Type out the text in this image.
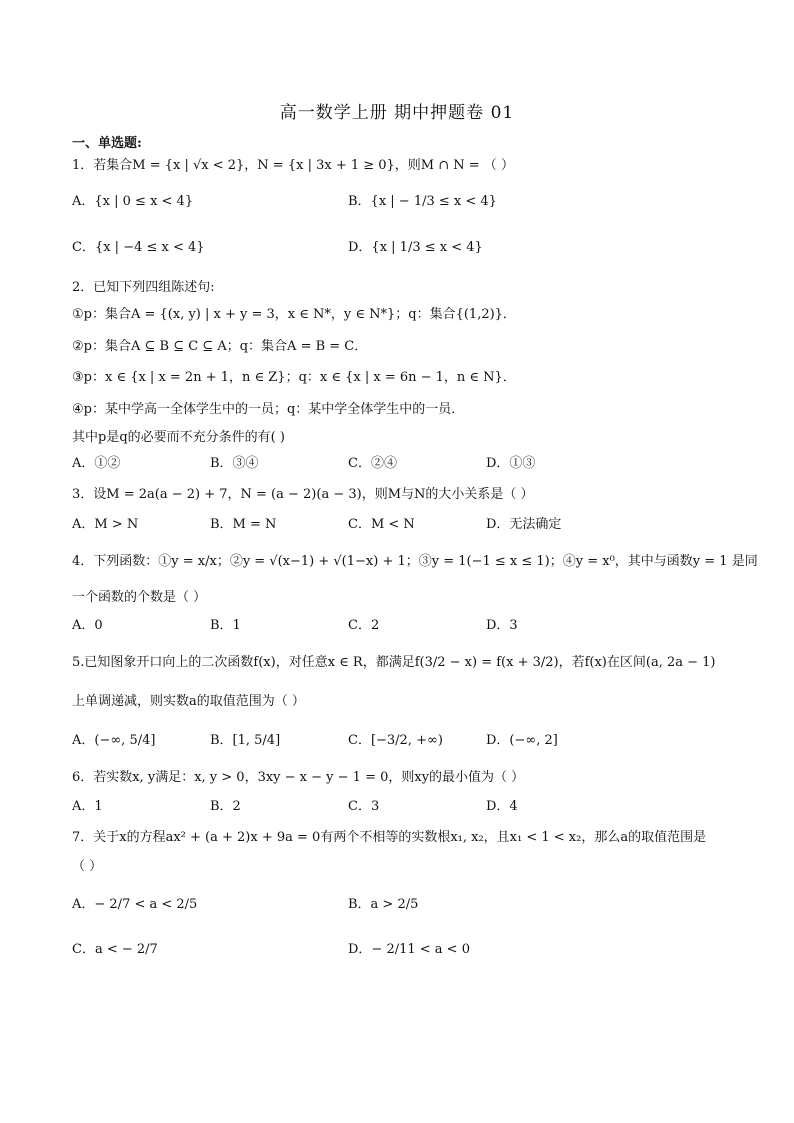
高一数学上册 期中押题卷 01
一、单选题:
1．若集合M = {x | √x < 2}，N = {x | 3x + 1 ≥ 0}，则M ∩ N = （ ）
A．{x | 0 ≤ x < 4}	B．{x | − 1/3 ≤ x < 4}
C．{x | −4 ≤ x < 4}	D．{x | 1/3 ≤ x < 4}
2．已知下列四组陈述句:
①p：集合A = {(x, y) | x + y = 3，x ∈ N*，y ∈ N*}；q：集合{(1,2)}．
②p：集合A ⊆ B ⊆ C ⊆ A；q：集合A = B = C．
③p：x ∈ {x | x = 2n + 1，n ∈ Z}；q：x ∈ {x | x = 6n − 1，n ∈ N}．
④p：某中学高一全体学生中的一员；q：某中学全体学生中的一员．
其中p是q的必要而不充分条件的有( )
A．①②	B．③④	C．②④	D．①③
3．设M = 2a(a − 2) + 7，N = (a − 2)(a − 3)，则M与N的大小关系是（ ）
A．M > N	B．M = N	C．M < N	D．无法确定
4．下列函数：①y = x/x；②y = √(x−1) + √(1−x) + 1；③y = 1(−1 ≤ x ≤ 1)；④y = x⁰，其中与函数y = 1 是同
一个函数的个数是（ ）
A．0	B．1	C．2	D．3
5.已知图象开口向上的二次函数f(x)，对任意x ∈ R，都满足f(3/2 − x) = f(x + 3/2)，若f(x)在区间(a, 2a − 1)
上单调递减，则实数a的取值范围为（ ）
A．(−∞, 5/4]	B．[1, 5/4]	C．[−3/2, +∞)	D．(−∞, 2]
6．若实数x, y满足：x, y > 0，3xy − x − y − 1 = 0，则xy的最小值为（ ）
A．1	B．2	C．3	D．4
7．关于x的方程ax² + (a + 2)x + 9a = 0有两个不相等的实数根x₁, x₂，且x₁ < 1 < x₂，那么a的取值范围是
（ ）
A．− 2/7 < a < 2/5	B．a > 2/5
C．a < − 2/7	D．− 2/11 < a < 0
